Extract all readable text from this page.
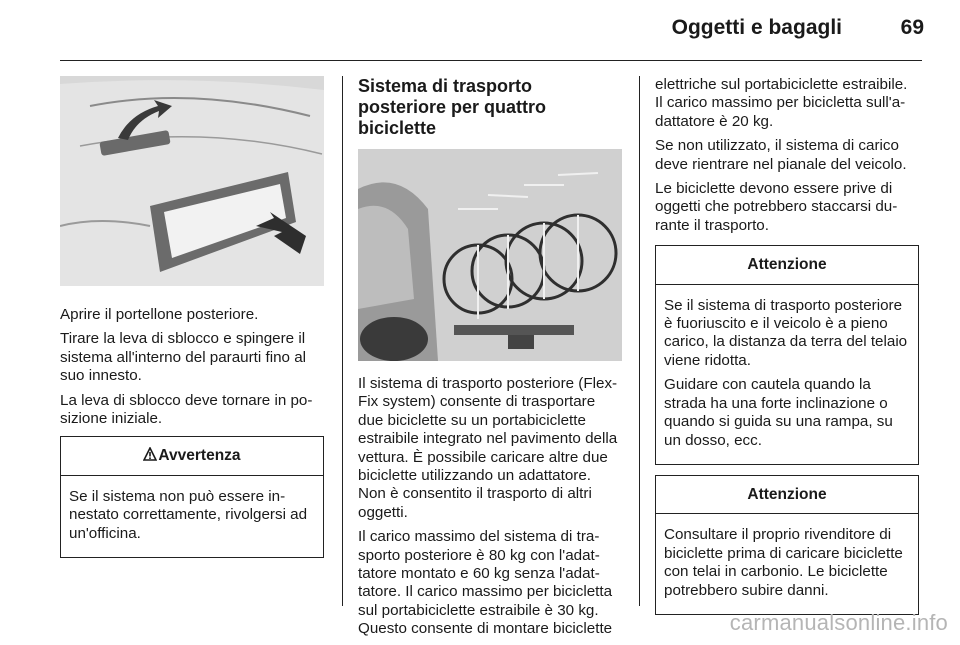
Oggetti e bagagli	69

Aprire il portellone posteriore.

Tirare la leva di sblocco e spingere il sistema all'interno del paraurti fino al suo innesto.

La leva di sblocco deve tornare in posizione iniziale.

Avvertenza

Se il sistema non può essere innestato correttamente, rivolgersi ad un'officina.

Sistema di trasporto posteriore per quattro biciclette

Il sistema di trasporto posteriore (Flex-Fix system) consente di trasportare due biciclette su un portabiciclette estraibile integrato nel pavimento della vettura. È possibile caricare altre due biciclette utilizzando un adattatore. Non è consentito il trasporto di altri oggetti.

Il carico massimo del sistema di trasporto posteriore è 80 kg con l'adattatore montato e 60 kg senza l'adattatore. Il carico massimo per bicicletta sul portabiciclette estraibile è 30 kg. Questo consente di montare biciclette

elettriche sul portabiciclette estraibile. Il carico massimo per bicicletta sull'adattatore è 20 kg.

Se non utilizzato, il sistema di carico deve rientrare nel pianale del veicolo.

Le biciclette devono essere prive di oggetti che potrebbero staccarsi durante il trasporto.

Attenzione

Se il sistema di trasporto posteriore è fuoriuscito e il veicolo è a pieno carico, la distanza da terra del telaio viene ridotta.

Guidare con cautela quando la strada ha una forte inclinazione o quando si guida su una rampa, su un dosso, ecc.

Attenzione

Consultare il proprio rivenditore di biciclette prima di caricare biciclette con telai in carbonio. Le biciclette potrebbero subire danni.

carmanualsonline.info
